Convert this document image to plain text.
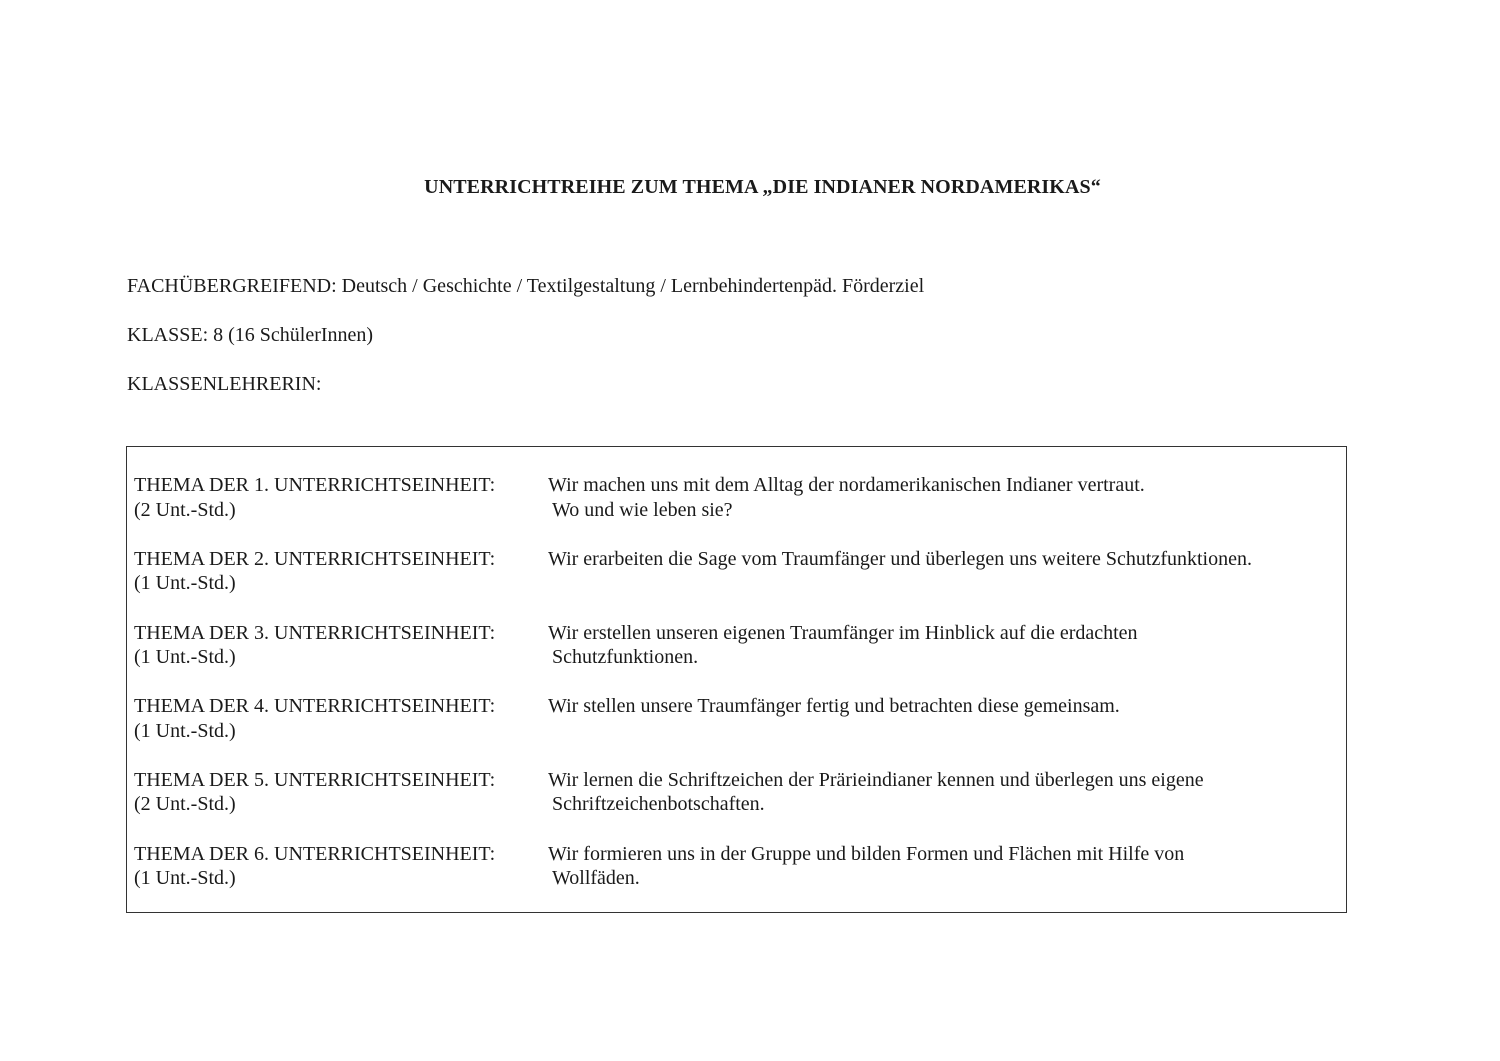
UNTERRICHTREIHE ZUM THEMA „DIE INDIANER NORDAMERIKAS“
FACHÜBERGREIFEND: Deutsch / Geschichte / Textilgestaltung / Lernbehindertenpäd. Förderziel
KLASSE: 8 (16 SchülerInnen)
KLASSENLEHRERIN:
THEMA DER 1. UNTERRICHTSEINHEIT:	Wir machen uns mit dem Alltag der nordamerikanischen Indianer vertraut.
(2 Unt.-Std.)	Wo und wie leben sie?
THEMA DER 2. UNTERRICHTSEINHEIT:	Wir erarbeiten die Sage vom Traumfänger und überlegen uns weitere Schutzfunktionen.
(1 Unt.-Std.)
THEMA DER 3. UNTERRICHTSEINHEIT:	Wir erstellen unseren eigenen Traumfänger im Hinblick auf die erdachten
(1 Unt.-Std.)	Schutzfunktionen.
THEMA DER 4. UNTERRICHTSEINHEIT:	Wir stellen unsere Traumfänger fertig und betrachten diese gemeinsam.
(1 Unt.-Std.)
THEMA DER 5. UNTERRICHTSEINHEIT:	Wir lernen die Schriftzeichen der Prärieindianer kennen und überlegen uns eigene
(2 Unt.-Std.)	Schriftzeichenbotschaften.
THEMA DER 6. UNTERRICHTSEINHEIT:	Wir formieren uns in der Gruppe und bilden Formen und Flächen mit Hilfe von
(1 Unt.-Std.)	Wollfäden.
